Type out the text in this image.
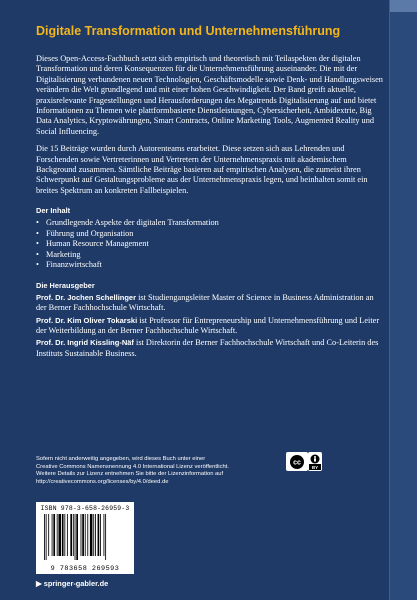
Digitale Transformation und Unternehmensführung

Dieses Open-Access-Fachbuch setzt sich empirisch und theoretisch mit Teilaspekten der digitalen Transformation und deren Konsequenzen für die Unternehmensführung auseinander. Die mit der Digitalisierung verbundenen neuen Technologien, Geschäftsmodelle sowie Denk- und Handlungsweisen verändern die Welt grundlegend und mit einer hohen Geschwindigkeit. Der Band greift aktuelle, praxisrelevante Fragestellungen und Herausforderungen des Megatrends Digitalisierung auf und bietet Informationen zu Themen wie plattformbasierte Dienstleistungen, Cybersicherheit, Ambidextrie, Big Data Analytics, Kryptowährungen, Smart Contracts, Online Marketing Tools, Augmented Reality und Social Influencing.

Die 15 Beiträge wurden durch Autorenteams erarbeitet. Diese setzen sich aus Lehrenden und Forschenden sowie Vertreterinnen und Vertretern der Unternehmenspraxis mit akademischem Background zusammen. Sämtliche Beiträge basieren auf empirischen Analysen, die zumeist ihren Schwerpunkt auf Gestaltungsprobleme aus der Unternehmenspraxis legen, und beinhalten somit ein breites Spektrum an konkreten Fallbeispielen.

Der Inhalt
• Grundlegende Aspekte der digitalen Transformation
• Führung und Organisation
• Human Resource Management
• Marketing
• Finanzwirtschaft
Die Herausgeber
Prof. Dr. Jochen Schellinger ist Studiengangsleiter Master of Science in Business Administration an der Berner Fachhochschule Wirtschaft.
Prof. Dr. Kim Oliver Tokarski ist Professor für Entrepreneurship und Unternehmensführung und Leiter der Weiterbildung an der Berner Fachhochschule Wirtschaft.
Prof. Dr. Ingrid Kissling-Näf ist Direktorin der Berner Fachhochschule Wirtschaft und Co-Leiterin des Instituts Sustainable Business.
Sofern nicht anderweitig angegeben, wird dieses Buch unter einer
Creative Commons Namensnennung 4.0 International Lizenz veröffentlicht.
Weitere Details zur Lizenz entnehmen Sie bitte der Lizenzinformation auf
http://creativecommons.org/licenses/by/4.0/deed.de
cc
BY
ISBN 978-3-658-26959-3
9 783658 269593
▶ springer-gabler.de
